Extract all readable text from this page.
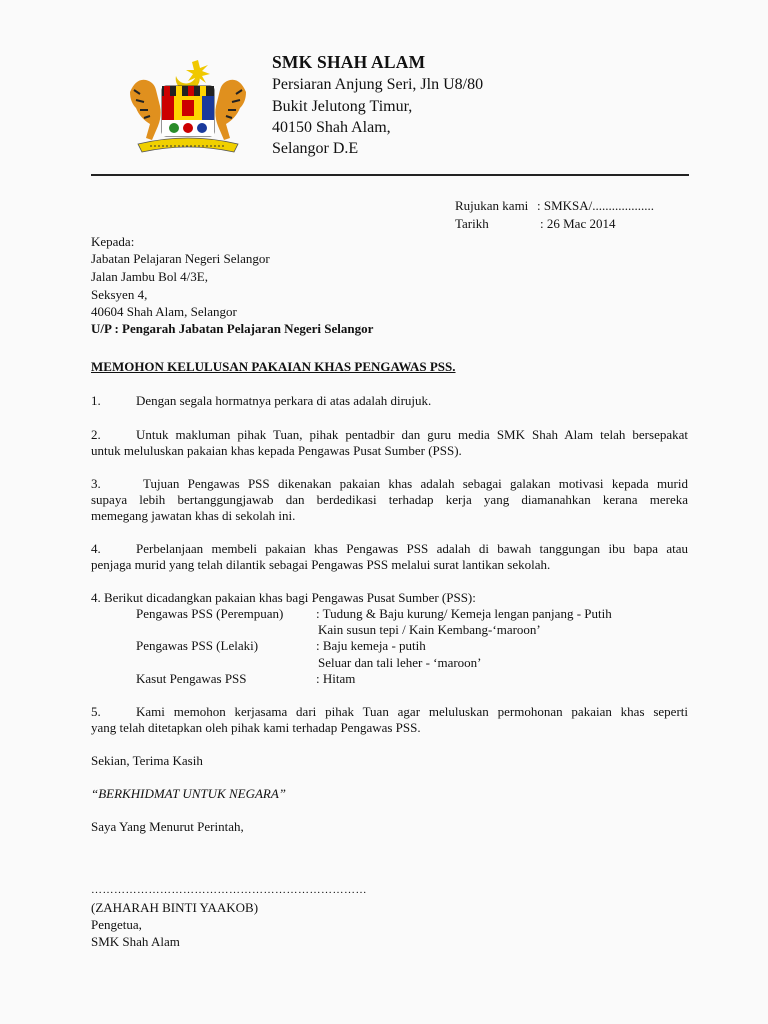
SMK SHAH ALAM
Persiaran Anjung Seri, Jln U8/80
Bukit Jelutong Timur,
40150 Shah Alam,
Selangor D.E
Rujukan kami : SMKSA/...................
Tarikh	: 26 Mac 2014
Kepada:
Jabatan Pelajaran Negeri Selangor
Jalan Jambu Bol 4/3E,
Seksyen 4,
40604 Shah Alam, Selangor
U/P : Pengarah Jabatan Pelajaran Negeri Selangor
MEMOHON KELULUSAN PAKAIAN KHAS PENGAWAS PSS.
1.	Dengan segala hormatnya perkara di atas adalah dirujuk.
2.	Untuk makluman pihak Tuan, pihak pentadbir dan guru media SMK Shah Alam telah bersepakat
untuk meluluskan pakaian khas kepada Pengawas Pusat Sumber (PSS).
3.	Tujuan Pengawas PSS dikenakan pakaian khas adalah sebagai galakan motivasi kepada murid
supaya lebih bertanggungjawab dan berdedikasi terhadap kerja yang diamanahkan kerana mereka
memegang jawatan khas di sekolah ini.
4.	Perbelanjaan membeli pakaian khas Pengawas PSS adalah di bawah tanggungan ibu bapa atau
penjaga murid yang telah dilantik sebagai Pengawas PSS melalui surat lantikan sekolah.
4. Berikut dicadangkan pakaian khas bagi Pengawas Pusat Sumber (PSS):
Pengawas PSS (Perempuan)	: Tudung & Baju kurung/ Kemeja lengan panjang - Putih
Kain susun tepi / Kain Kembang-‘maroon’
Pengawas PSS (Lelaki)	: Baju kemeja - putih
Seluar dan tali leher - ‘maroon’
Kasut Pengawas PSS	: Hitam
5.	Kami memohon kerjasama dari pihak Tuan agar meluluskan permohonan pakaian khas seperti
yang telah ditetapkan oleh pihak kami terhadap Pengawas PSS.
Sekian, Terima Kasih
“BERKHIDMAT UNTUK NEGARA”
Saya Yang Menurut Perintah,
………………………………………………………………
(ZAHARAH BINTI YAAKOB)
Pengetua,
SMK Shah Alam
